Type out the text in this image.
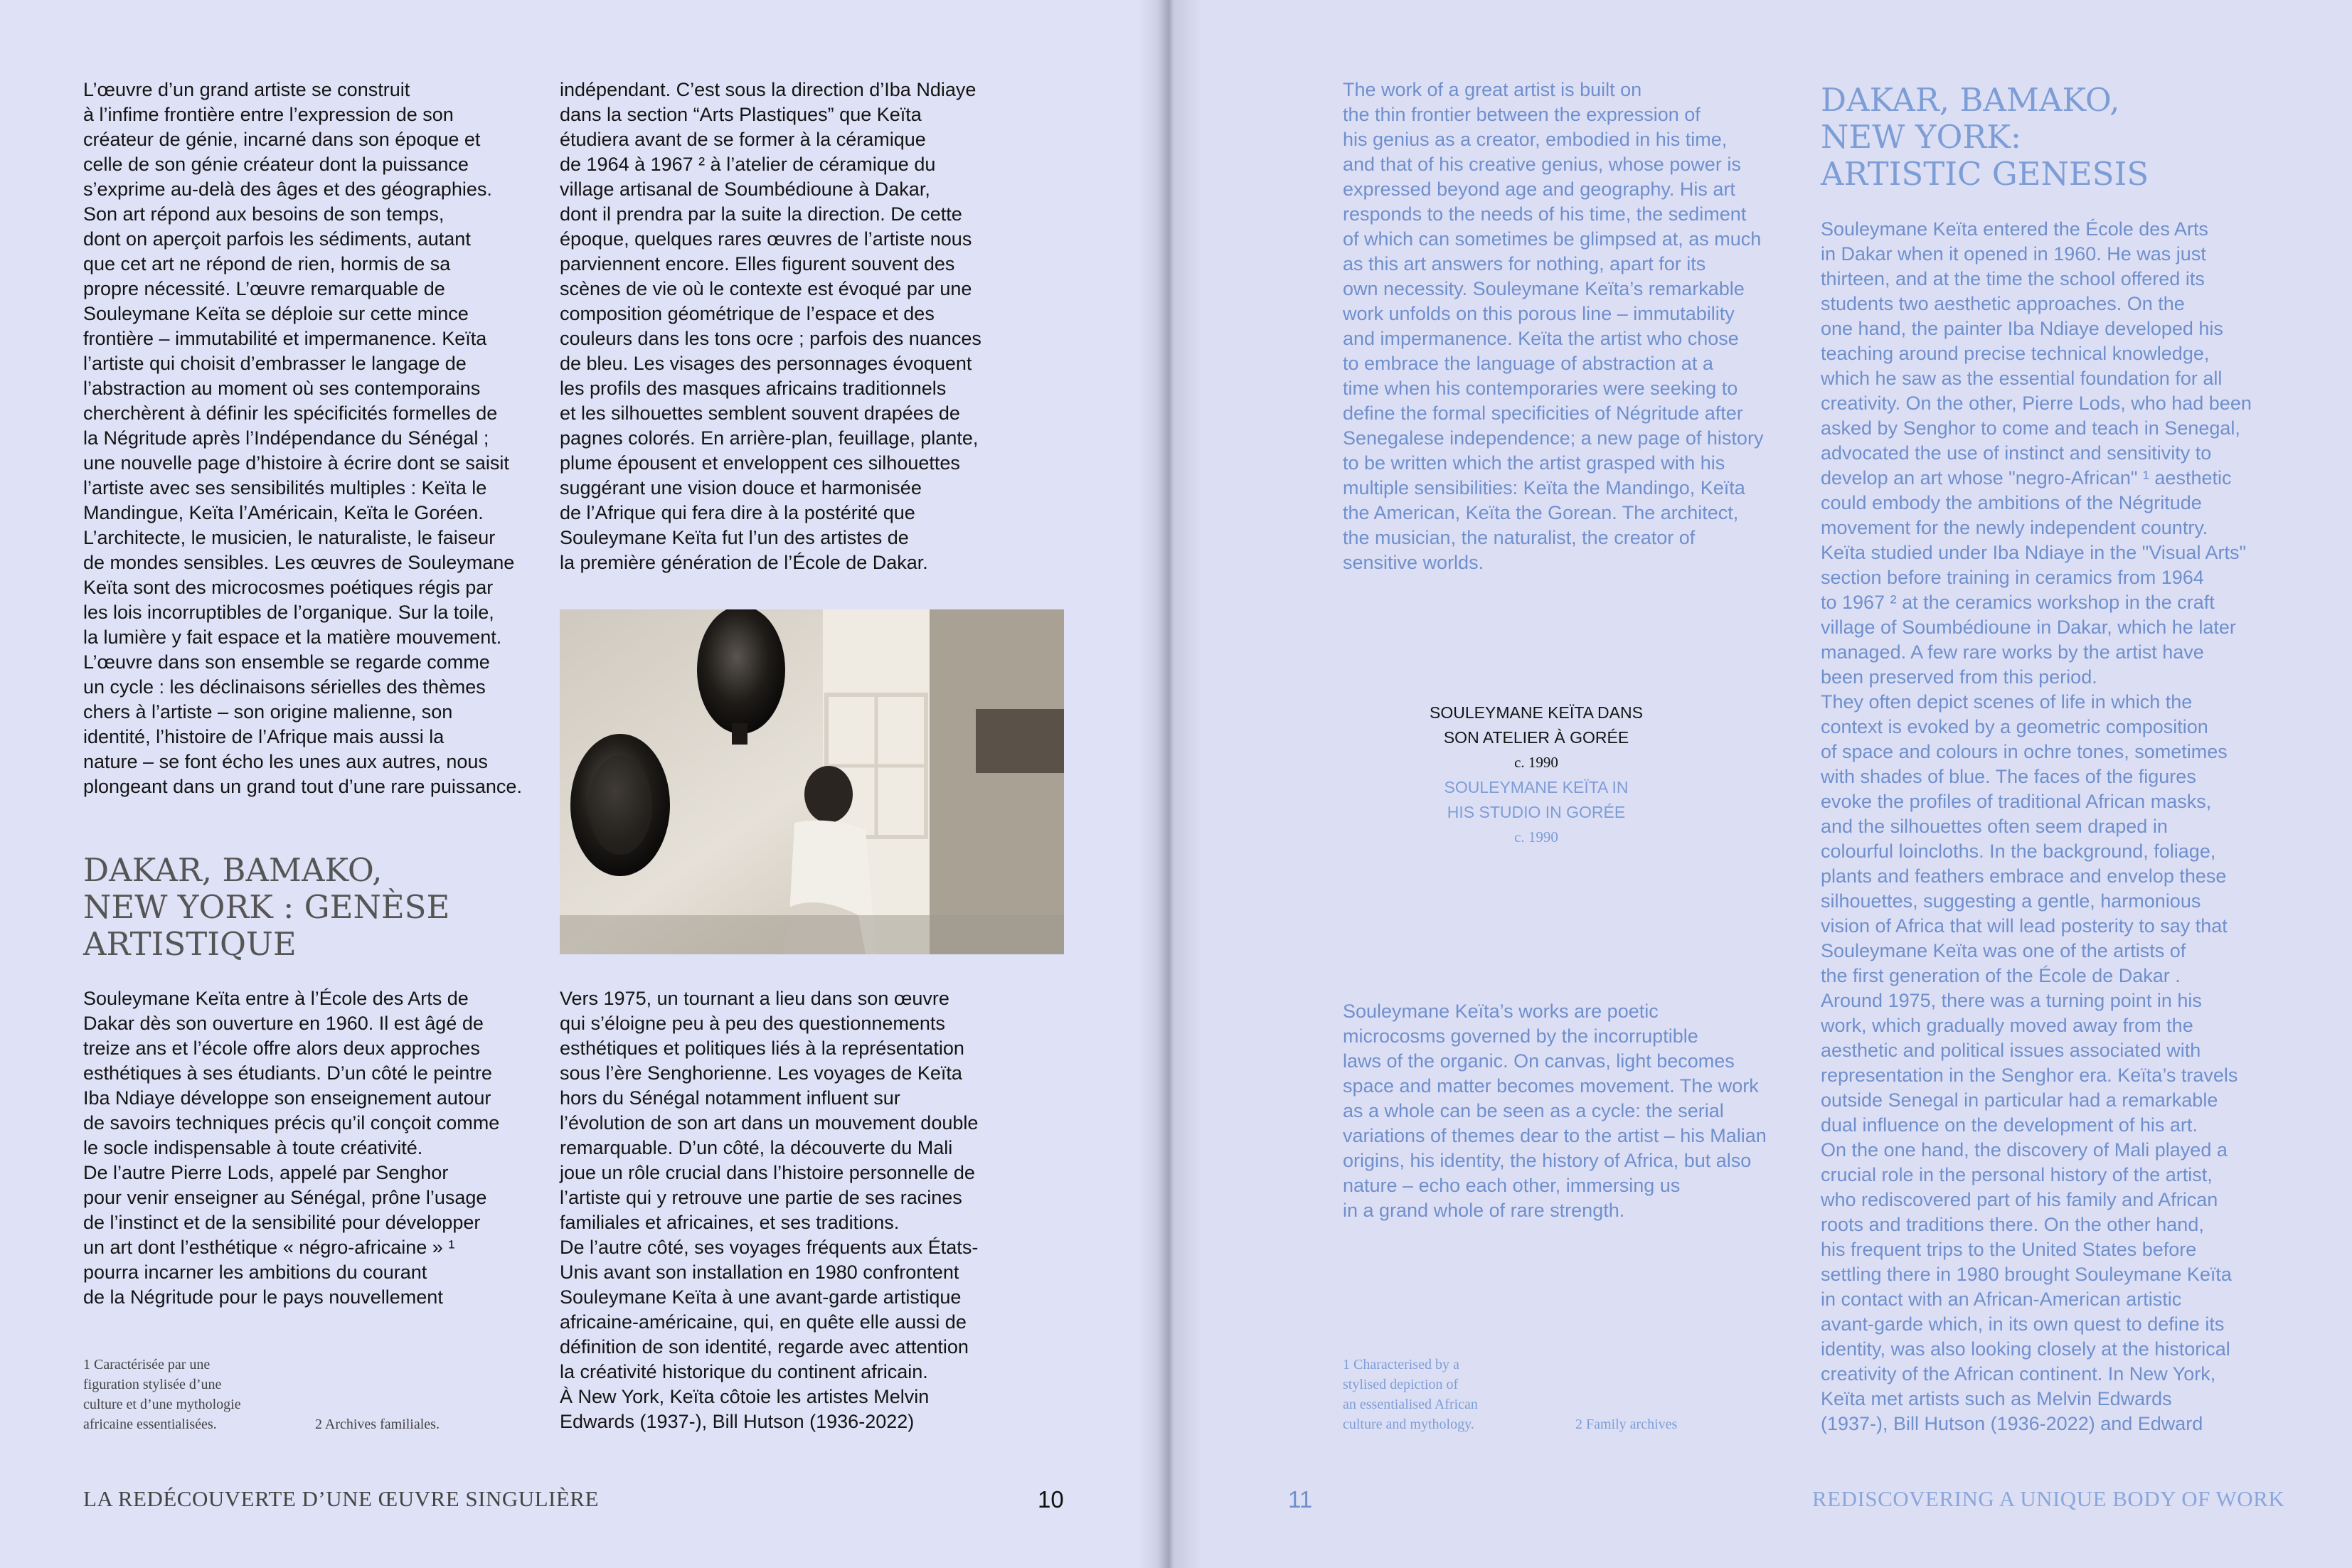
L’œuvre d’un grand artiste se construit
à l’infime frontière entre l’expression de son
créateur de génie, incarné dans son époque et
celle de son génie créateur dont la puissance
s’exprime au-delà des âges et des géographies.
Son art répond aux besoins de son temps,
dont on aperçoit parfois les sédiments, autant
que cet art ne répond de rien, hormis de sa
propre nécessité. L’œuvre remarquable de
Souleymane Keïta se déploie sur cette mince
frontière – immutabilité et impermanence. Keïta
l’artiste qui choisit d’embrasser le langage de
l’abstraction au moment où ses contemporains
cherchèrent à définir les spécificités formelles de
la Négritude après l’Indépendance du Sénégal ;
une nouvelle page d’histoire à écrire dont se saisit
l’artiste avec ses sensibilités multiples : Keïta le
Mandingue, Keïta l’Américain, Keïta le Goréen.
L’architecte, le musicien, le naturaliste, le faiseur
de mondes sensibles. Les œuvres de Souleymane
Keïta sont des microcosmes poétiques régis par
les lois incorruptibles de l’organique. Sur la toile,
la lumière y fait espace et la matière mouvement.
L’œuvre dans son ensemble se regarde comme
un cycle : les déclinaisons sérielles des thèmes
chers à l’artiste – son origine malienne, son
identité, l’histoire de l’Afrique mais aussi la
nature – se font écho les unes aux autres, nous
plongeant dans un grand tout d’une rare puissance.
DAKAR, BAMAKO,
NEW YORK : GENÈSE
ARTISTIQUE
Souleymane Keïta entre à l’École des Arts de
Dakar dès son ouverture en 1960. Il est âgé de
treize ans et l’école offre alors deux approches
esthétiques à ses étudiants. D’un côté le peintre
Iba Ndiaye développe son enseignement autour
de savoirs techniques précis qu’il conçoit comme
le socle indispensable à toute créativité.
De l’autre Pierre Lods, appelé par Senghor
pour venir enseigner au Sénégal, prône l’usage
de l’instinct et de la sensibilité pour développer
un art dont l’esthétique « négro-africaine » ¹
pourra incarner les ambitions du courant
de la Négritude pour le pays nouvellement
indépendant. C’est sous la direction d’Iba Ndiaye
dans la section “Arts Plastiques” que Keïta
étudiera avant de se former à la céramique
de 1964 à 1967 ² à l’atelier de céramique du
village artisanal de Soumbédioune à Dakar,
dont il prendra par la suite la direction. De cette
époque, quelques rares œuvres de l’artiste nous
parviennent encore. Elles figurent souvent des
scènes de vie où le contexte est évoqué par une
composition géométrique de l’espace et des
couleurs dans les tons ocre ; parfois des nuances
de bleu. Les visages des personnages évoquent
les profils des masques africains traditionnels
et les silhouettes semblent souvent drapées de
pagnes colorés. En arrière-plan, feuillage, plante,
plume épousent et enveloppent ces silhouettes
suggérant une vision douce et harmonisée
de l’Afrique qui fera dire à la postérité que
Souleymane Keïta fut l’un des artistes de
la première génération de l’École de Dakar.
Vers 1975, un tournant a lieu dans son œuvre
qui s’éloigne peu à peu des questionnements
esthétiques et politiques liés à la représentation
sous l’ère Senghorienne. Les voyages de Keïta
hors du Sénégal notamment influent sur
l’évolution de son art dans un mouvement double
remarquable. D’un côté, la découverte du Mali
joue un rôle crucial dans l’histoire personnelle de
l’artiste qui y retrouve une partie de ses racines
familiales et africaines, et ses traditions.
De l’autre côté, ses voyages fréquents aux États-
Unis avant son installation en 1980 confrontent
Souleymane Keïta à une avant-garde artistique
africaine-américaine, qui, en quête elle aussi de
définition de son identité, regarde avec attention
la créativité historique du continent africain.
À New York, Keïta côtoie les artistes Melvin
Edwards (1937-), Bill Hutson (1936-2022)
1 Caractérisée par une
figuration stylisée d’une
culture et d’une mythologie
africaine essentialisées.	2 Archives familiales.
LA REDÉCOUVERTE D’UNE ŒUVRE SINGULIÈRE	10
The work of a great artist is built on
the thin frontier between the expression of
his genius as a creator, embodied in his time,
and that of his creative genius, whose power is
expressed beyond age and geography. His art
responds to the needs of his time, the sediment
of which can sometimes be glimpsed at, as much
as this art answers for nothing, apart for its
own necessity. Souleymane Keïta’s remarkable
work unfolds on this porous line – immutability
and impermanence. Keïta the artist who chose
to embrace the language of abstraction at a
time when his contemporaries were seeking to
define the formal specificities of Négritude after
Senegalese independence; a new page of history
to be written which the artist grasped with his
multiple sensibilities: Keïta the Mandingo, Keïta
the American, Keïta the Gorean. The architect,
the musician, the naturalist, the creator of
sensitive worlds.
Souleymane Keïta’s works are poetic
microcosms governed by the incorruptible
laws of the organic. On canvas, light becomes
space and matter becomes movement. The work
as a whole can be seen as a cycle: the serial
variations of themes dear to the artist – his Malian
origins, his identity, the history of Africa, but also
nature – echo each other, immersing us
in a grand whole of rare strength.
DAKAR, BAMAKO,
NEW YORK:
ARTISTIC GENESIS
Souleymane Keïta entered the École des Arts
in Dakar when it opened in 1960. He was just
thirteen, and at the time the school offered its
students two aesthetic approaches. On the
one hand, the painter Iba Ndiaye developed his
teaching around precise technical knowledge,
which he saw as the essential foundation for all
creativity. On the other, Pierre Lods, who had been
asked by Senghor to come and teach in Senegal,
advocated the use of instinct and sensitivity to
develop an art whose "negro-African" ¹ aesthetic
could embody the ambitions of the Négritude
movement for the newly independent country.
Keïta studied under Iba Ndiaye in the "Visual Arts"
section before training in ceramics from 1964
to 1967 ² at the ceramics workshop in the craft
village of Soumbédioune in Dakar, which he later
managed. A few rare works by the artist have
been preserved from this period.
They often depict scenes of life in which the
context is evoked by a geometric composition
of space and colours in ochre tones, sometimes
with shades of blue. The faces of the figures
evoke the profiles of traditional African masks,
and the silhouettes often seem draped in
colourful loincloths. In the background, foliage,
plants and feathers embrace and envelop these
silhouettes, suggesting a gentle, harmonious
vision of Africa that will lead posterity to say that
Souleymane Keïta was one of the artists of
the first generation of the École de Dakar .
Around 1975, there was a turning point in his
work, which gradually moved away from the
aesthetic and political issues associated with
representation in the Senghor era. Keïta’s travels
outside Senegal in particular had a remarkable
dual influence on the development of his art.
On the one hand, the discovery of Mali played a
crucial role in the personal history of the artist,
who rediscovered part of his family and African
roots and traditions there. On the other hand,
his frequent trips to the United States before
settling there in 1980 brought Souleymane Keïta
in contact with an African-American artistic
avant-garde which, in its own quest to define its
identity, was also looking closely at the historical
creativity of the African continent. In New York,
Keïta met artists such as Melvin Edwards
(1937-), Bill Hutson (1936-2022) and Edward
1 Characterised by a
stylised depiction of
an essentialised African
culture and mythology.	2 Family archives
11	REDISCOVERING A UNIQUE BODY OF WORK
SOULEYMANE KEÏTA DANS
SON ATELIER À GORÉE
c. 1990
SOULEYMANE KEÏTA IN
HIS STUDIO IN GORÉE
c. 1990
